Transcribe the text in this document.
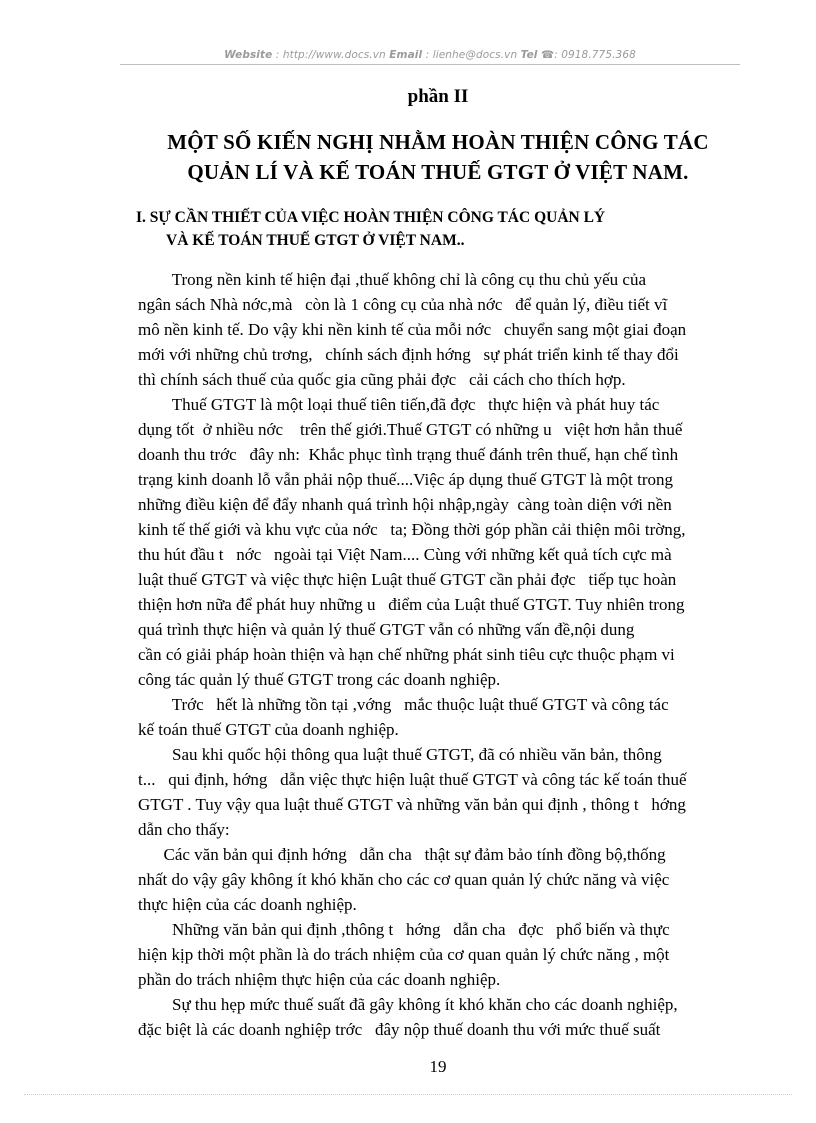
Website : http://www.docs.vn Email : lienhe@docs.vn Tel ☎: 0918.775.368
phần II
MỘT SỐ KIẾN NGHỊ NHẰM HOÀN THIỆN CÔNG TÁC
QUẢN LÍ VÀ KẾ TOÁN THUẾ GTGT Ở VIỆT NAM.
I. SỰ CẦN THIẾT CỦA VIỆC HOÀN THIỆN CÔNG TÁC QUẢN LÝ
VÀ KẾ TOÁN THUẾ GTGT Ở VIỆT NAM..

Trong nền kinh tế hiện đại ,thuế không chỉ là công cụ thu chủ yếu của

ngân sách Nhà nớc,mà   còn là 1 công cụ của nhà nớc   để quản lý, điều tiết vĩ

mô nền kinh tế. Do vậy khi nền kinh tế của mỗi nớc   chuyển sang một giai đoạn

mới với những chủ trơng,   chính sách định hớng   sự phát triển kinh tế thay đổi

thì chính sách thuế của quốc gia cũng phải đợc   cải cách cho thích hợp.

Thuế GTGT là một loại thuế tiên tiến,đã đợc   thực hiện và phát huy tác

dụng tốt  ở nhiều nớc    trên thế giới.Thuế GTGT có những u   việt hơn hẳn thuế

doanh thu trớc   đây nh:  Khắc phục tình trạng thuế đánh trên thuế, hạn chế tình

trạng kinh doanh lỗ vẫn phải nộp thuế....Việc áp dụng thuế GTGT là một trong

những điều kiện để đẩy nhanh quá trình hội nhập,ngày  càng toàn diện với nền

kinh tế thế giới và khu vực của nớc   ta; Đồng thời góp phần cải thiện môi trờng,

thu hút đầu t   nớc   ngoài tại Việt Nam.... Cùng với những kết quả tích cực mà

luật thuế GTGT và việc thực hiện Luật thuế GTGT cần phải đợc   tiếp tục hoàn

thiện hơn nữa để phát huy những u   điểm của Luật thuế GTGT. Tuy nhiên trong

quá trình thực hiện và quản lý thuế GTGT vẫn có những vấn đề,nội dung

cần có giải pháp hoàn thiện và hạn chế những phát sinh tiêu cực thuộc phạm vi

công tác quản lý thuế GTGT trong các doanh nghiệp.

Trớc   hết là những tồn tại ,vớng   mắc thuộc luật thuế GTGT và công tác

kế toán thuế GTGT của doanh nghiệp.

Sau khi quốc hội thông qua luật thuế GTGT, đã có nhiều văn bản, thông

t...   qui định, hớng   dẫn việc thực hiện luật thuế GTGT và công tác kế toán thuế

GTGT . Tuy vậy qua luật thuế GTGT và những văn bản qui định , thông t   hớng

dẫn cho thấy:

Các văn bản qui định hớng   dẫn cha   thật sự đảm bảo tính đồng bộ,thống

nhất do vậy gây không ít khó khăn cho các cơ quan quản lý chức năng và việc

thực hiện của các doanh nghiệp.

Những văn bản qui định ,thông t   hớng   dẫn cha   đợc   phổ biến và thực

hiện kịp thời một phần là do trách nhiệm của cơ quan quản lý chức năng , một

phần do trách nhiệm thực hiện của các doanh nghiệp.

Sự thu hẹp mức thuế suất đã gây không ít khó khăn cho các doanh nghiệp,

đặc biệt là các doanh nghiệp trớc   đây nộp thuế doanh thu với mức thuế suất

19
